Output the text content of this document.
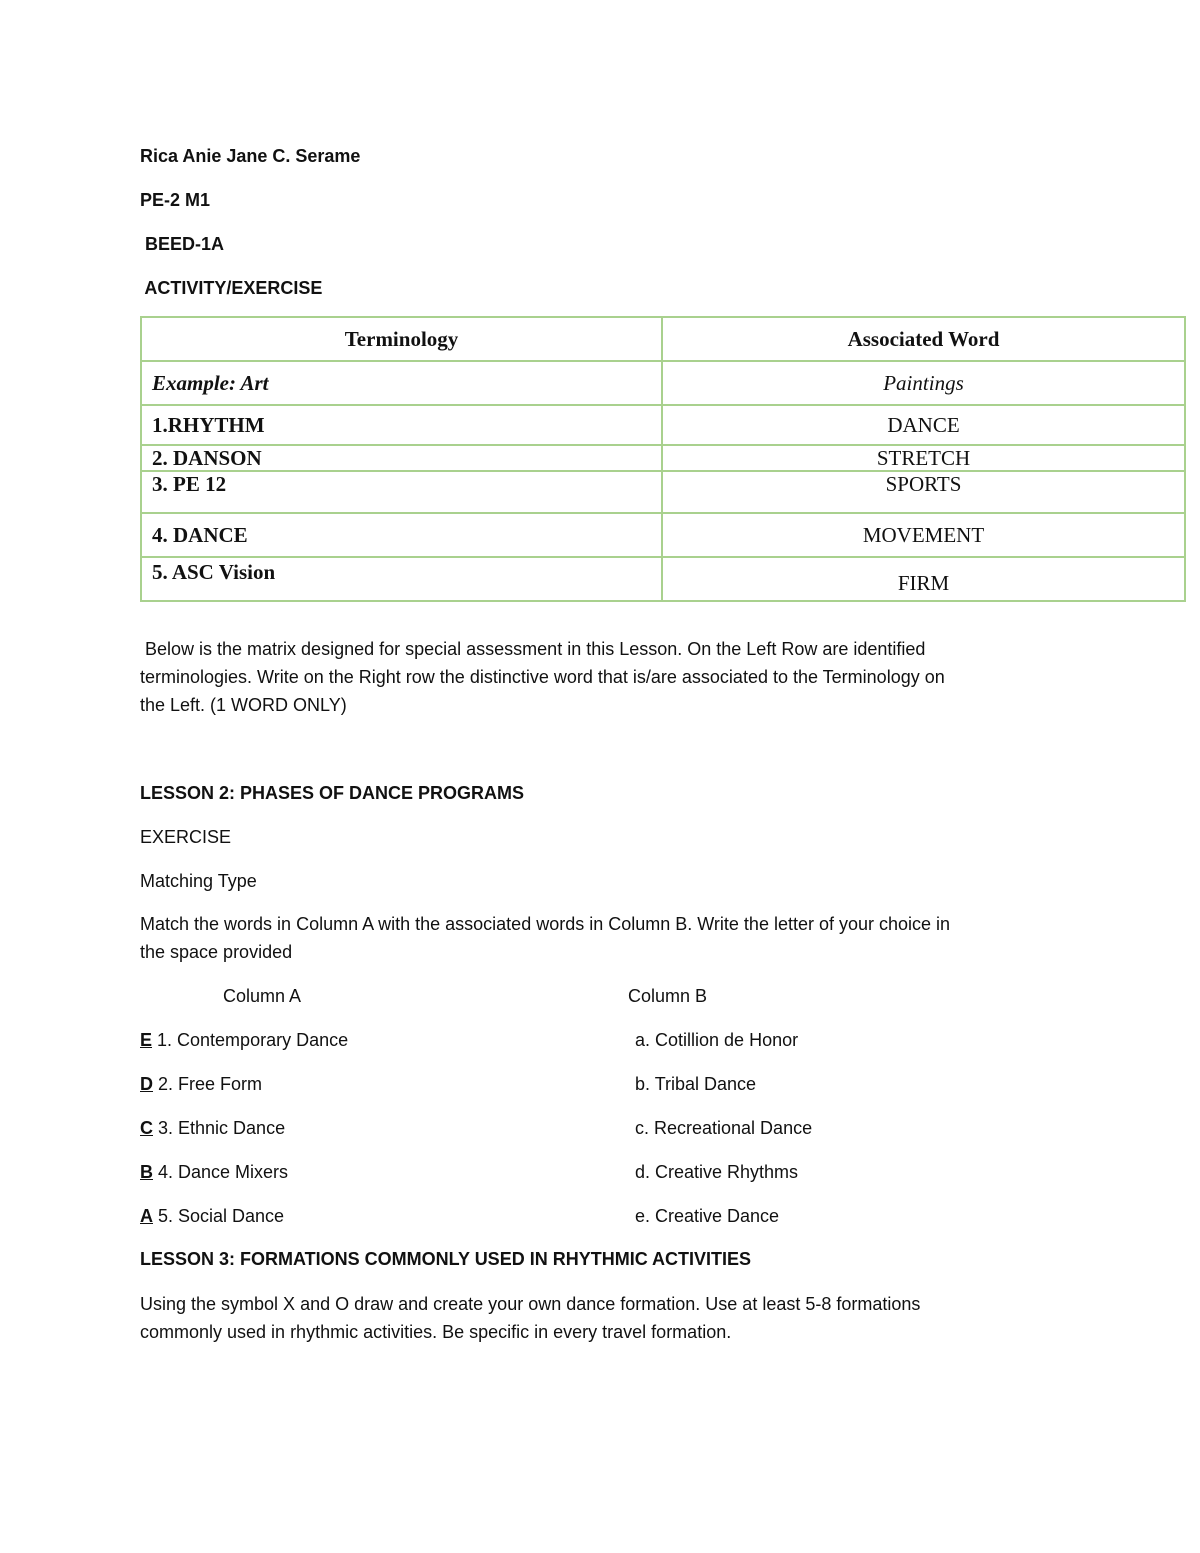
Rica Anie Jane C. Serame
PE-2 M1
BEED-1A
ACTIVITY/EXERCISE
Terminology	Associated Word
Example: Art	Paintings
1.RHYTHM	DANCE
2. DANSON	STRETCH
3. PE 12	SPORTS
4. DANCE	MOVEMENT
5. ASC Vision	FIRM
Below is the matrix designed for special assessment in this Lesson. On the Left Row are identified
terminologies. Write on the Right row the distinctive word that is/are associated to the Terminology on
the Left. (1 WORD ONLY)
LESSON 2: PHASES OF DANCE PROGRAMS
EXERCISE
Matching Type
Match the words in Column A with the associated words in Column B. Write the letter of your choice in
the space provided
Column A	Column B
E 1. Contemporary Dance	a. Cotillion de Honor
D 2. Free Form	b. Tribal Dance
C 3. Ethnic Dance	c. Recreational Dance
B 4. Dance Mixers	d. Creative Rhythms
A 5. Social Dance	e. Creative Dance
LESSON 3: FORMATIONS COMMONLY USED IN RHYTHMIC ACTIVITIES
Using the symbol X and O draw and create your own dance formation. Use at least 5-8 formations
commonly used in rhythmic activities. Be specific in every travel formation.
